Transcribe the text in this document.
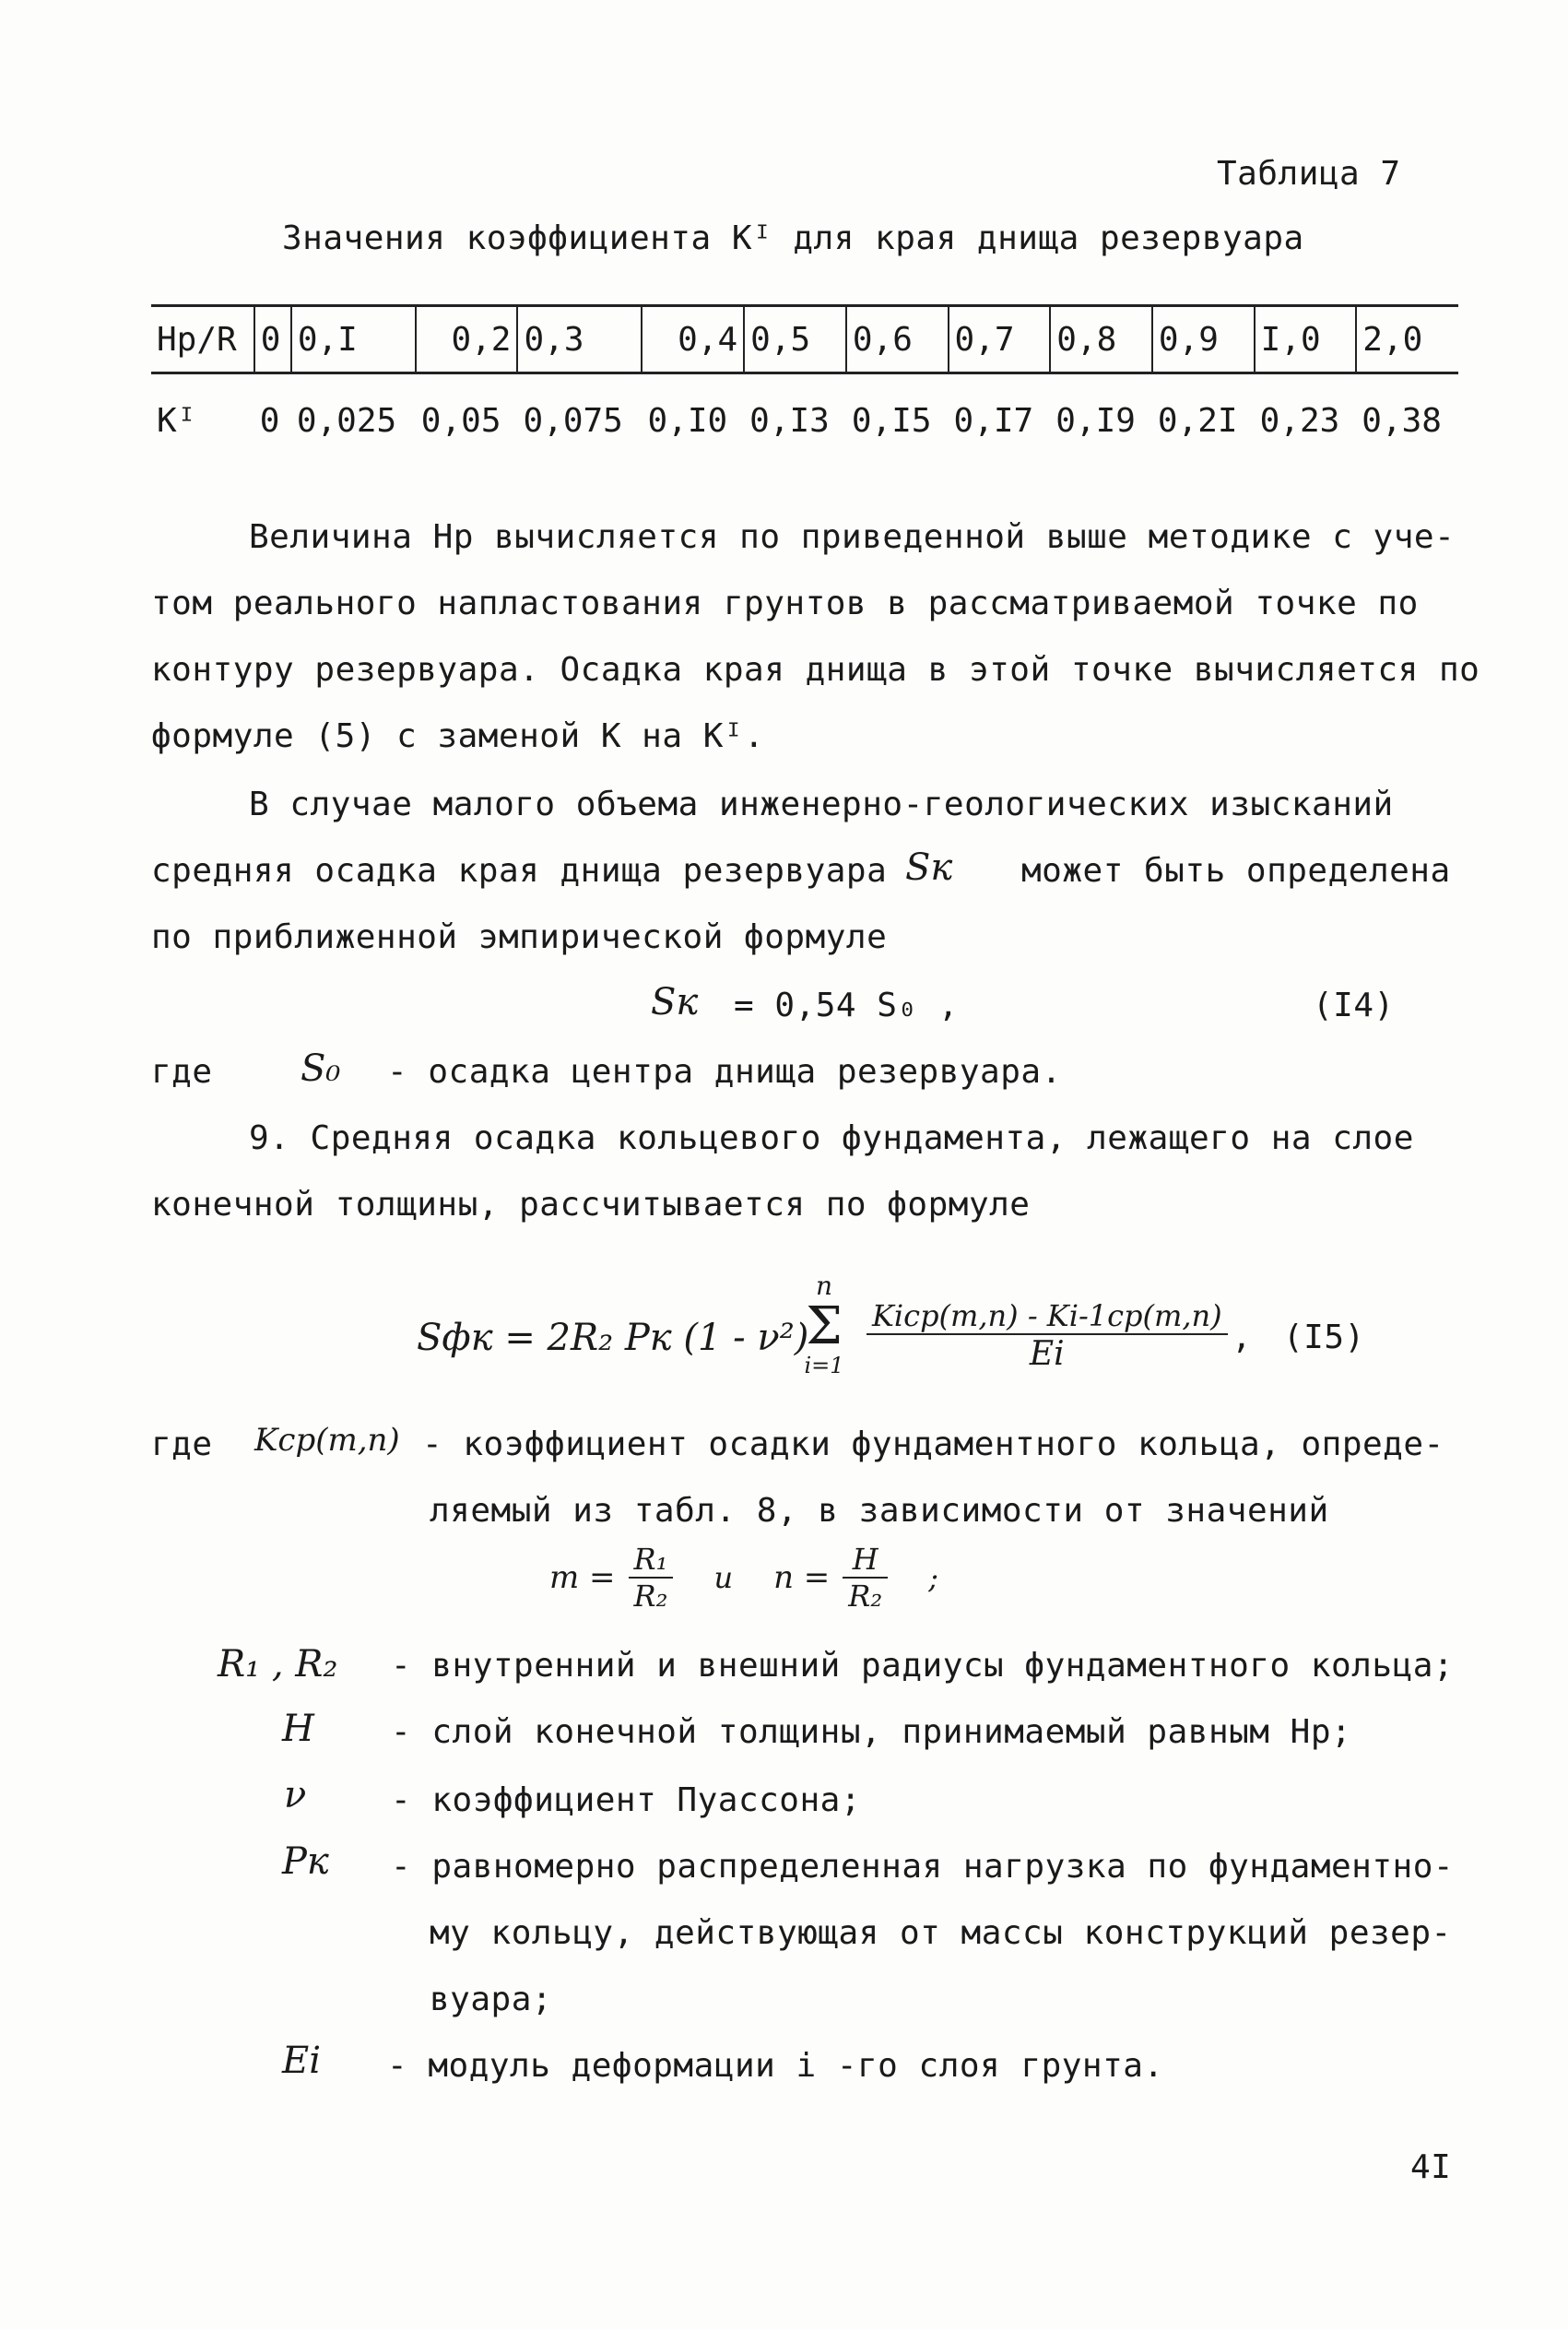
Таблица 7
Значения коэффициента Kᴵ для края днища резервуара
Hр/R	0	0,I	0,2	0,3	0,4	0,5	0,6	0,7	0,8	0,9	I,0	2,0
Kᴵ	0	0,025	0,05	0,075	0,I0	0,I3	0,I5	0,I7	0,I9	0,2I	0,23	0,38
Величина Hр вычисляется по приведенной выше методике с уче-
том реального напластования грунтов в рассматриваемой точке по
контуру резервуара. Осадка края днища в этой точке вычисляется по
формуле (5) с заменой K на Kᴵ.
В случае малого объема инженерно-геологических изысканий
средняя осадка края днища резервуара Sк может быть определена
по приближенной эмпирической формуле
Sк = 0,54 S₀ ,	(I4)
где S₀ - осадка центра днища резервуара.
9. Средняя осадка кольцевого фундамента, лежащего на слое
конечной толщины, рассчитывается по формуле
Sфк = 2R₂ Pк (1 - ν²)
n
Σ
$i=1 \frac{\text{Kicp(m,n) - Ki-1cp(m,n)}}{Ei}$ , (I5)
где Kср(m,n) - коэффициент осадки фундаментного кольца, опреде-
ляемый из табл. 8, в зависимости от значений
$m = \frac{\text{R₁}}{\text{R₂}}$ и $n = \frac{H}{\text{R₂}}$ ;
R₁ , R₂ - внутренний и внешний радиусы фундаментного кольца;
H - слой конечной толщины, принимаемый равным Hр;
ν	- коэффициент Пуассона;
Pк - равномерно распределенная нагрузка по фундаментно-
му кольцу, действующая от массы конструкций резер-
вуара;
Ei - модуль деформации i -го слоя грунта.
4I
